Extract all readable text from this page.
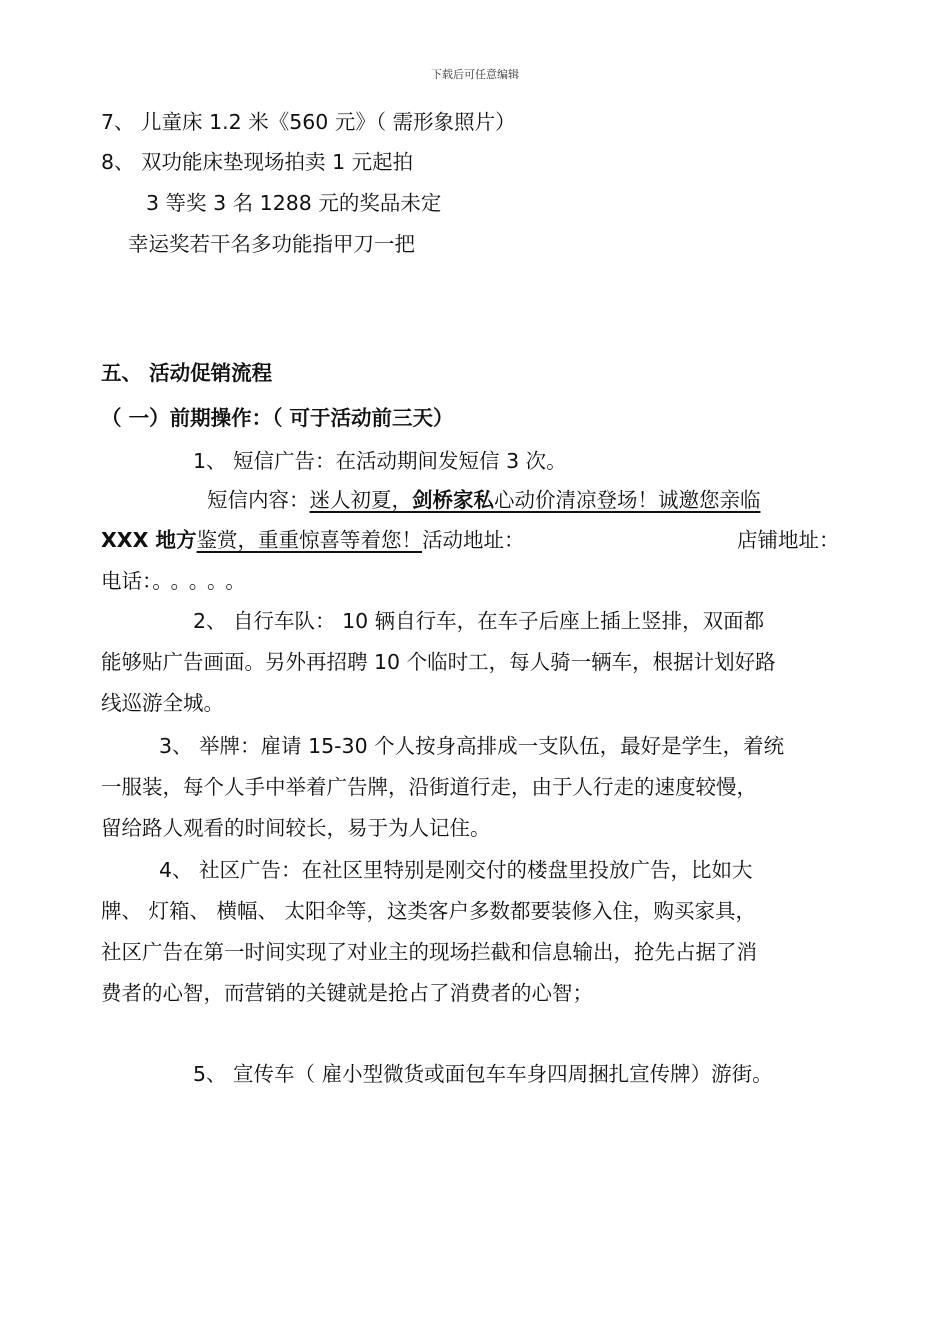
下载后可任意编辑
7、 儿童床 1.2 米《560 元》（ 需形象照片）
8、 双功能床垫现场拍卖 1 元起拍
3 等奖 3 名 1288 元的奖品未定
幸运奖若干名多功能指甲刀一把
五、 活动促销流程
（ 一）前期操作：（ 可于活动前三天）
1、 短信广告：在活动期间发短信 3 次。
短信内容：迷人初夏，剑桥家私心动价清凉登场！诚邀您亲临
XXX 地方鉴赏，重重惊喜等着您！活动地址：	店铺地址：
电话：。。。。。
2、 自行车队： 10 辆自行车，在车子后座上插上竖排，双面都
能够贴广告画面。另外再招聘 10 个临时工，每人骑一辆车，根据计划好路
线巡游全城。
3、 举牌：雇请 15-30 个人按身高排成一支队伍，最好是学生，着统
一服装，每个人手中举着广告牌，沿街道行走，由于人行走的速度较慢，
留给路人观看的时间较长，易于为人记住。
4、 社区广告：在社区里特别是刚交付的楼盘里投放广告，比如大
牌、 灯箱、 横幅、 太阳伞等，这类客户多数都要装修入住，购买家具，
社区广告在第一时间实现了对业主的现场拦截和信息输出，抢先占据了消
费者的心智，而营销的关键就是抢占了消费者的心智；
5、 宣传车（ 雇小型微货或面包车车身四周捆扎宣传牌）游街。
